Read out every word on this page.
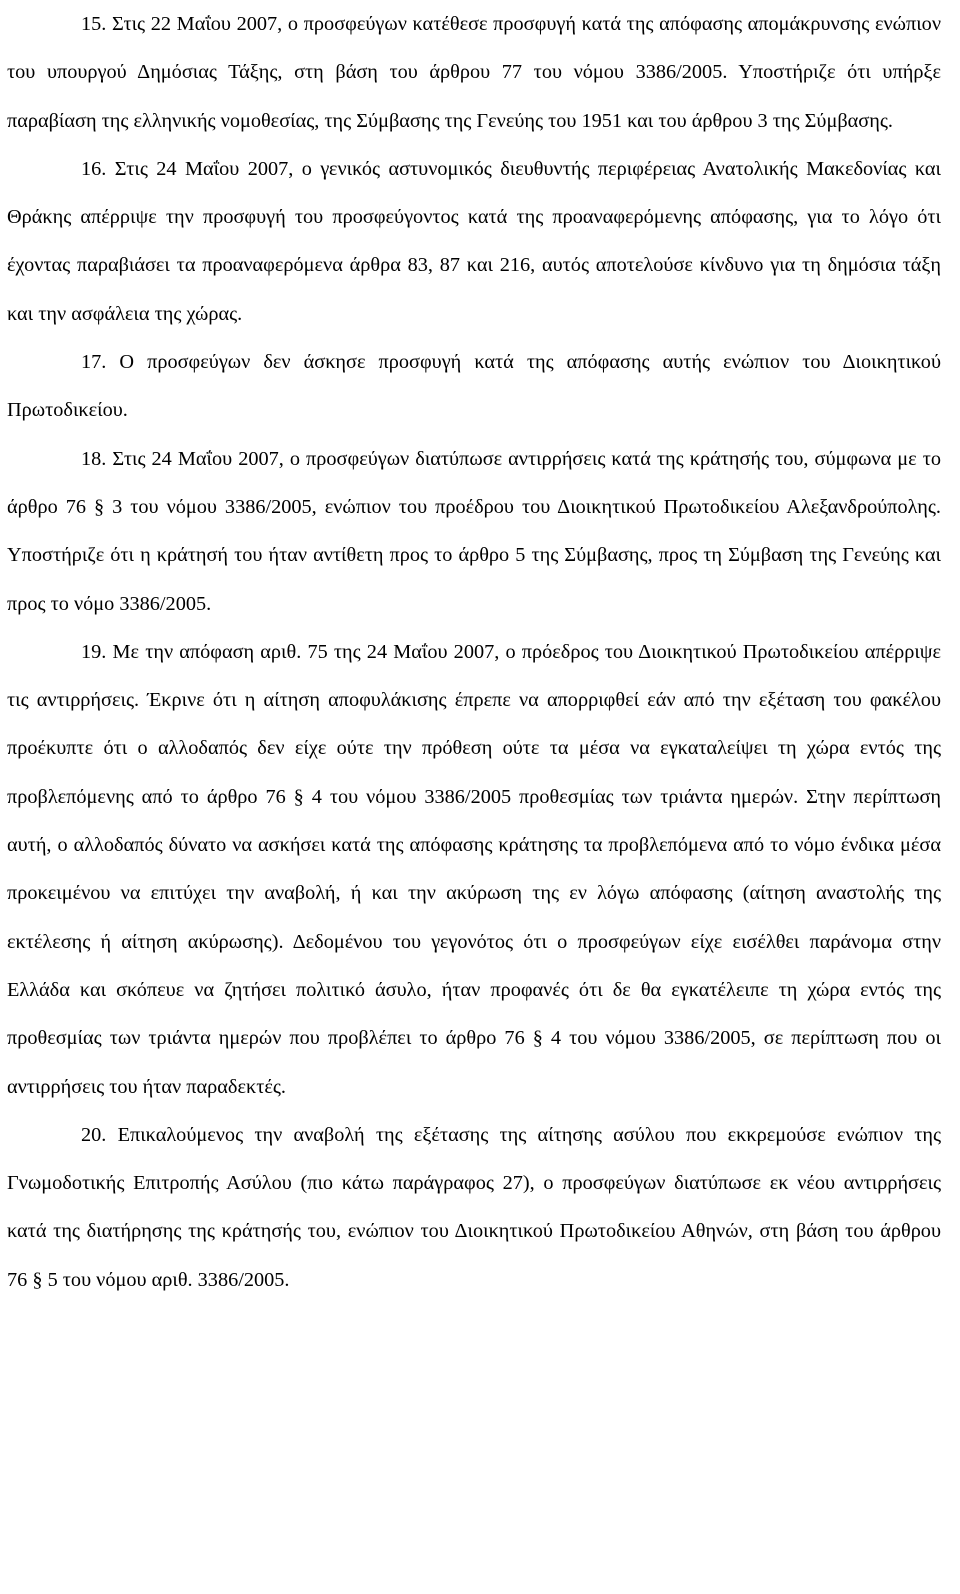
15. Στις 22 Μαΐου 2007, ο προσφεύγων κατέθεσε προσφυγή κατά της απόφασης απομάκρυνσης ενώπιον του υπουργού Δημόσιας Τάξης, στη βάση του άρθρου 77 του νόμου 3386/2005. Υποστήριζε ότι υπήρξε παραβίαση της ελληνικής νομοθεσίας, της Σύμβασης της Γενεύης του 1951 και του άρθρου 3 της Σύμβασης.

16. Στις 24 Μαΐου 2007, ο γενικός αστυνομικός διευθυντής περιφέρειας Ανατολικής Μακεδονίας και Θράκης απέρριψε την προσφυγή του προσφεύγοντος κατά της προαναφερόμενης απόφασης, για το λόγο ότι έχοντας παραβιάσει τα προαναφερόμενα άρθρα 83, 87 και 216, αυτός αποτελούσε κίνδυνο για τη δημόσια τάξη και την ασφάλεια της χώρας.

17. Ο προσφεύγων δεν άσκησε προσφυγή κατά της απόφασης αυτής ενώπιον του Διοικητικού Πρωτοδικείου.

18. Στις 24 Μαΐου 2007, ο προσφεύγων διατύπωσε αντιρρήσεις κατά της κράτησής του, σύμφωνα με το άρθρο 76 § 3 του νόμου 3386/2005, ενώπιον του προέδρου του Διοικητικού Πρωτοδικείου Αλεξανδρούπολης. Υποστήριζε ότι η κράτησή του ήταν αντίθετη προς το άρθρο 5 της Σύμβασης, προς τη Σύμβαση της Γενεύης και προς το νόμο 3386/2005.

19. Με την απόφαση αριθ. 75 της 24 Μαΐου 2007, ο πρόεδρος του Διοικητικού Πρωτοδικείου απέρριψε τις αντιρρήσεις. Έκρινε ότι η αίτηση αποφυλάκισης έπρεπε να απορριφθεί εάν από την εξέταση του φακέλου προέκυπτε ότι ο αλλοδαπός δεν είχε ούτε την πρόθεση ούτε τα μέσα να εγκαταλείψει τη χώρα εντός της προβλεπόμενης από το άρθρο 76 § 4 του νόμου 3386/2005 προθεσμίας των τριάντα ημερών. Στην περίπτωση αυτή, ο αλλοδαπός δύνατο να ασκήσει κατά της απόφασης κράτησης τα προβλεπόμενα από το νόμο ένδικα μέσα προκειμένου να επιτύχει την αναβολή, ή και την ακύρωση της εν λόγω απόφασης (αίτηση αναστολής της εκτέλεσης ή αίτηση ακύρωσης). Δεδομένου του γεγονότος ότι ο προσφεύγων είχε εισέλθει παράνομα στην Ελλάδα και σκόπευε να ζητήσει πολιτικό άσυλο, ήταν προφανές ότι δε θα εγκατέλειπε τη χώρα εντός της προθεσμίας των τριάντα ημερών που προβλέπει το άρθρο 76 § 4 του νόμου 3386/2005, σε περίπτωση που οι αντιρρήσεις του ήταν παραδεκτές.

20. Επικαλούμενος την αναβολή της εξέτασης της αίτησης ασύλου που εκκρεμούσε ενώπιον της Γνωμοδοτικής Επιτροπής Ασύλου (πιο κάτω παράγραφος 27), ο προσφεύγων διατύπωσε εκ νέου αντιρρήσεις κατά της διατήρησης της κράτησής του, ενώπιον του Διοικητικού Πρωτοδικείου Αθηνών, στη βάση του άρθρου 76 § 5 του νόμου αριθ. 3386/2005.
